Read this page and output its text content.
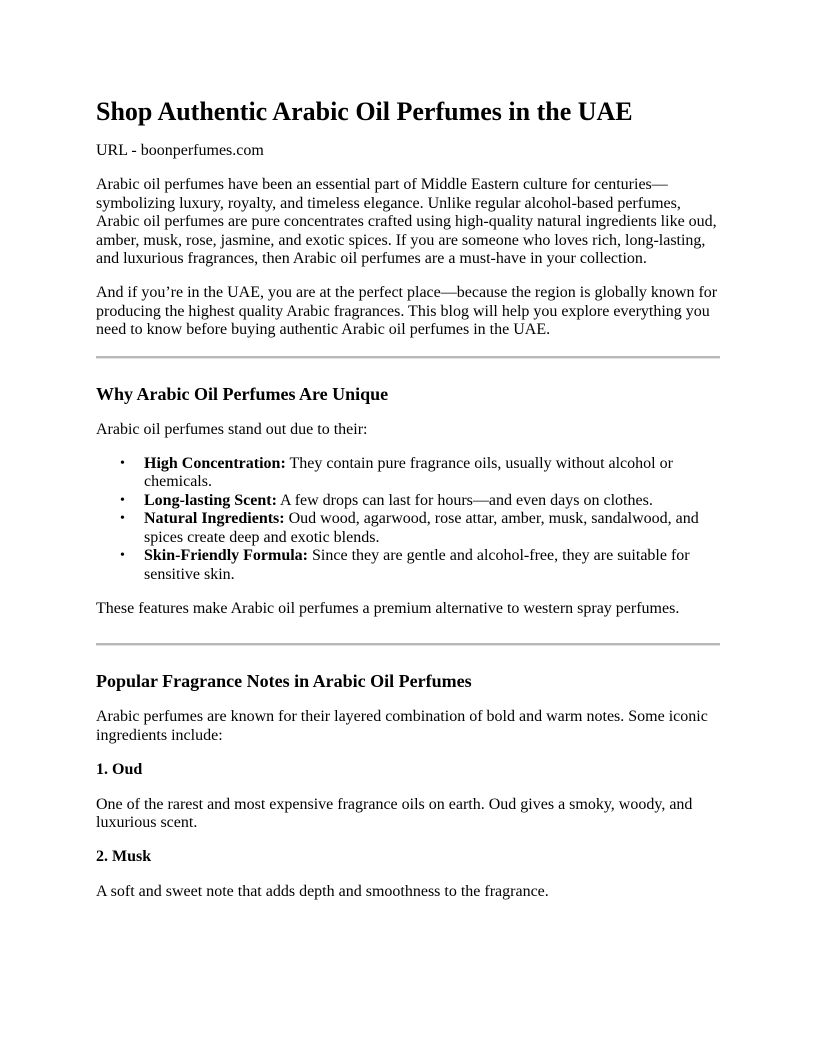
Shop Authentic Arabic Oil Perfumes in the UAE

URL - boonperfumes.com

Arabic oil perfumes have been an essential part of Middle Eastern culture for centuries—symbolizing luxury, royalty, and timeless elegance. Unlike regular alcohol-based perfumes, Arabic oil perfumes are pure concentrates crafted using high-quality natural ingredients like oud, amber, musk, rose, jasmine, and exotic spices. If you are someone who loves rich, long-lasting, and luxurious fragrances, then Arabic oil perfumes are a must-have in your collection.

And if you’re in the UAE, you are at the perfect place—because the region is globally known for producing the highest quality Arabic fragrances. This blog will help you explore everything you need to know before buying authentic Arabic oil perfumes in the UAE.

Why Arabic Oil Perfumes Are Unique

Arabic oil perfumes stand out due to their:

• High Concentration: They contain pure fragrance oils, usually without alcohol or chemicals.
• Long-lasting Scent: A few drops can last for hours—and even days on clothes.
• Natural Ingredients: Oud wood, agarwood, rose attar, amber, musk, sandalwood, and spices create deep and exotic blends.
• Skin-Friendly Formula: Since they are gentle and alcohol-free, they are suitable for sensitive skin.

These features make Arabic oil perfumes a premium alternative to western spray perfumes.

Popular Fragrance Notes in Arabic Oil Perfumes

Arabic perfumes are known for their layered combination of bold and warm notes. Some iconic ingredients include:

1. Oud

One of the rarest and most expensive fragrance oils on earth. Oud gives a smoky, woody, and luxurious scent.

2. Musk

A soft and sweet note that adds depth and smoothness to the fragrance.
